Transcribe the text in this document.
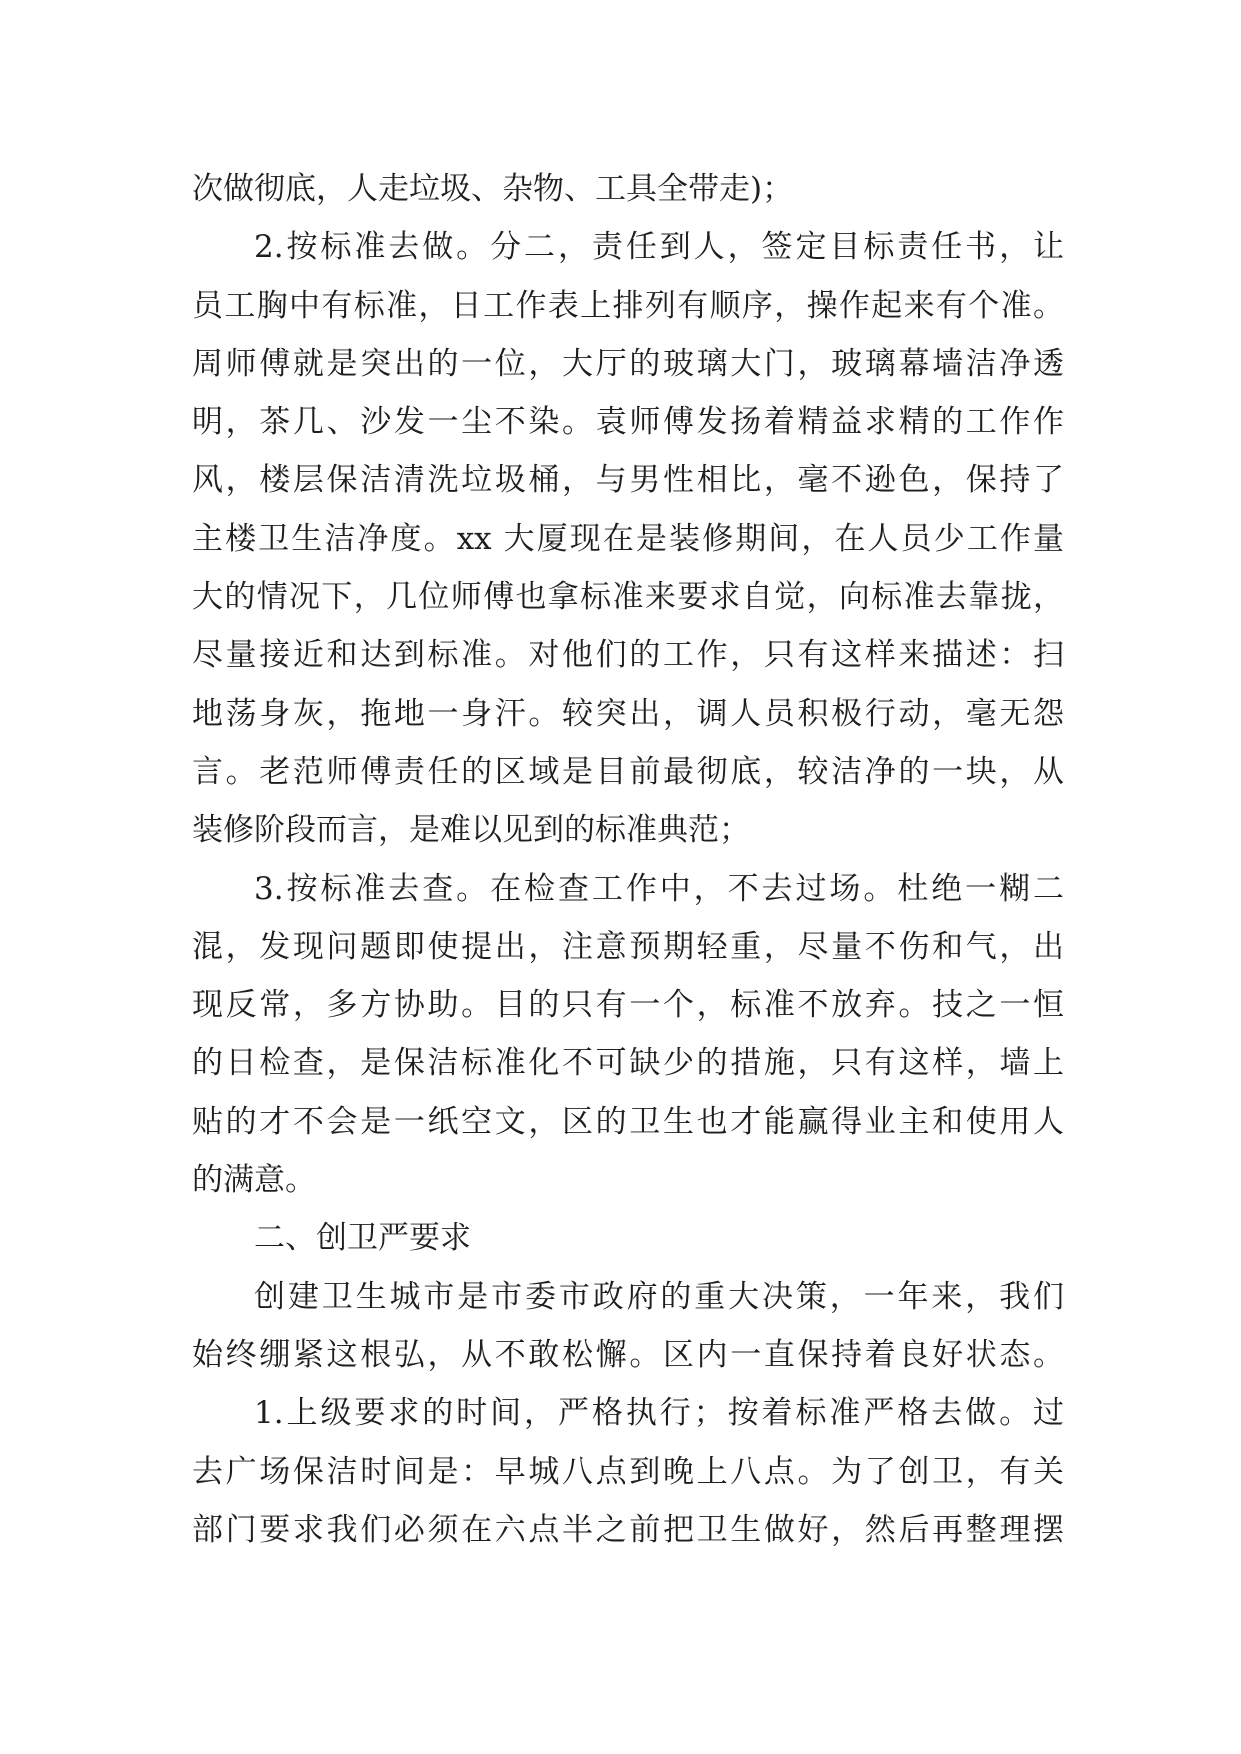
次做彻底，人走垃圾、杂物、工具全带走)；
2.按标准去做。分二，责任到人，签定目标责任书，让
员工胸中有标准，日工作表上排列有顺序，操作起来有个准。
周师傅就是突出的一位，大厅的玻璃大门，玻璃幕墙洁净透
明，茶几、沙发一尘不染。袁师傅发扬着精益求精的工作作
风，楼层保洁清洗垃圾桶，与男性相比，毫不逊色，保持了
主楼卫生洁净度。xx 大厦现在是装修期间，在人员少工作量
大的情况下，几位师傅也拿标准来要求自觉，向标准去靠拢，
尽量接近和达到标准。对他们的工作，只有这样来描述：扫
地荡身灰，拖地一身汗。较突出，调人员积极行动，毫无怨
言。老范师傅责任的区域是目前最彻底，较洁净的一块，从
装修阶段而言，是难以见到的标准典范；
3.按标准去查。在检查工作中，不去过场。杜绝一糊二
混，发现问题即使提出，注意预期轻重，尽量不伤和气，出
现反常，多方协助。目的只有一个，标准不放弃。技之一恒
的日检查，是保洁标准化不可缺少的措施，只有这样，墙上
贴的才不会是一纸空文，区的卫生也才能赢得业主和使用人
的满意。
二、创卫严要求
创建卫生城市是市委市政府的重大决策，一年来，我们
始终绷紧这根弘，从不敢松懈。区内一直保持着良好状态。
1.上级要求的时间，严格执行；按着标准严格去做。过
去广场保洁时间是：早城八点到晚上八点。为了创卫，有关
部门要求我们必须在六点半之前把卫生做好，然后再整理摆
